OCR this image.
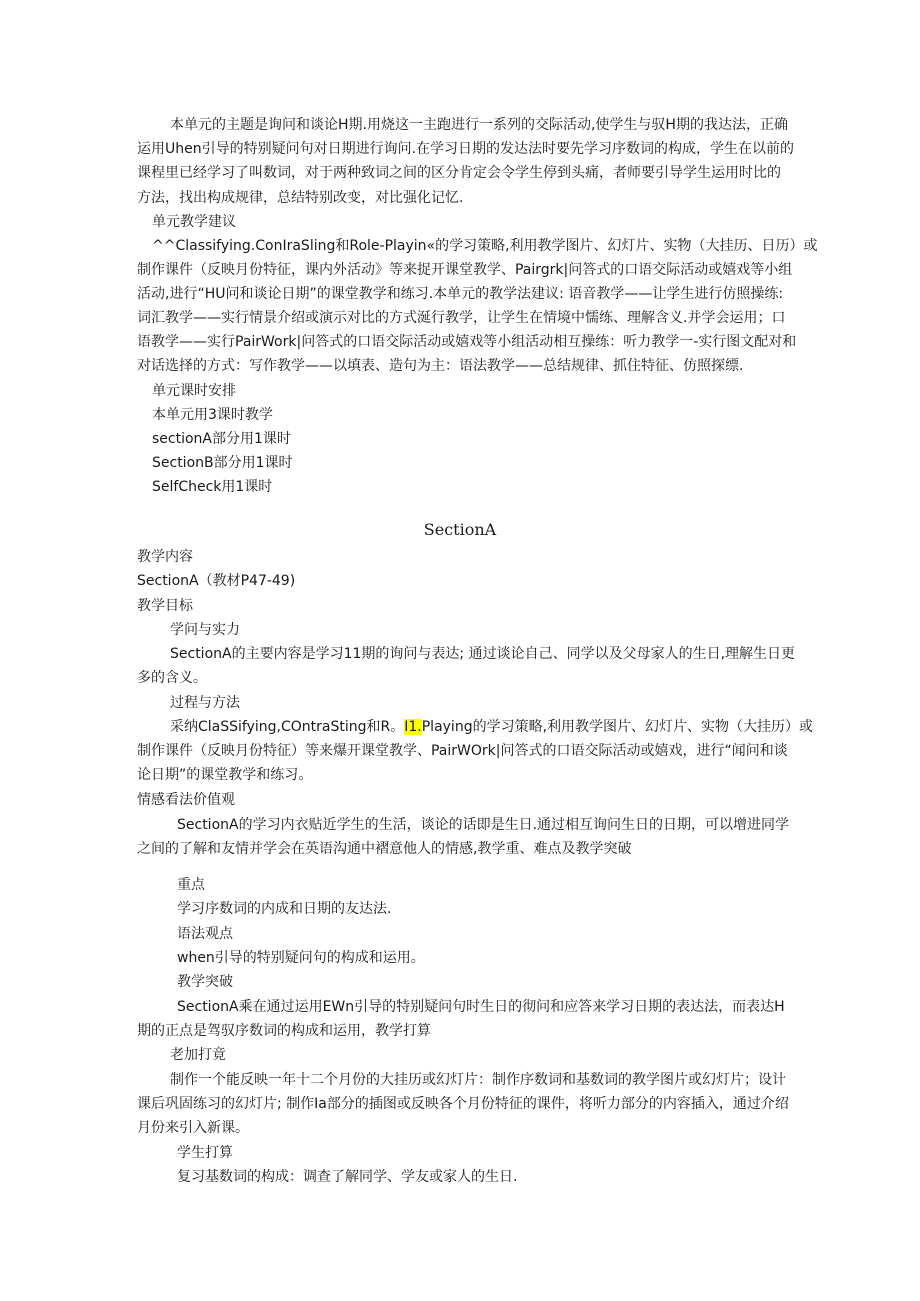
本单元的主题是询问和谈论H期.用烧这一主跑进行一系列的交际活动,使学生与驭H期的我达法，正确
运用Uhen引导的特别疑问句对日期进行询问.在学习日期的发达法时要先学习序数词的构成，学生在以前的
课程里已经学习了叫数词，对于两种致词之间的区分肯定会令学生停到头痛，者师要引导学生运用时比的
方法，找出构成规律，总结特别改变，对比强化记忆.
单元教学建议
^^Classifying.ConIraSling和Role-Playin«的学习策略,利用教学图片、幻灯片、实物（大挂历、日历）或
制作课件（反映月份特征，课内外活动》等来捉开课堂教学、Pairgrk|问答式的口语交际活动或嬉戏等小组
活动,进行“HU问和谈论日期”的课堂教学和练习.本单元的教学法建议: 语音教学——让学生进行仿照操练:
词汇教学——实行情景介绍或演示对比的方式涎行教学，让学生在情境中懦练、理解含义.并学会运用；口
语教学——实行PairWork|问答式的口语交际活动或嬉戏等小组活动相互操练：听力教学一-实行图文配对和
对话选择的方式：写作教学——以填表、造句为主：语法教学——总结规律、抓住特征、仿照探缥.
单元课时安排
本单元用3课时教学
sectionA部分用1课时
SectionB部分用1课时
SelfCheck用1课时
SectionA
教学内容
SectionA（教材P47-49)
教学目标
学问与实力
SectionA的主要内容是学习11期的询问与表达; 通过谈论自己、同学以及父母家人的生日,理解生日更
多的含义。
过程与方法
采纳ClaSSifying,COntraSting和R。I1.Playing的学习策略,利用教学图片、幻灯片、实物（大挂历）或
制作课件（反映月份特征）等来爆开课堂教学、PairWOrk|问答式的口语交际活动或嬉戏，进行“闻问和谈
论日期”的课堂教学和练习。
情感看法价值观
SectionA的学习内衣贴近学生的生活，谈论的话即是生日.通过相互询问生日的日期，可以增进同学
之间的了解和友情并学会在英语沟通中褶意他人的情感,教学重、难点及教学突破
重点
学习序数词的内成和日期的友达法.
语法观点
when引导的特别疑问句的构成和运用。
教学突破
SectionA乘在通过运用EWn引导的特别疑问句时生日的彻问和应答来学习日期的表达法，而表达H
期的正点是驾驭序数词的构成和运用，教学打算
老加打竟
制作一个能反映一年十二个月份的大挂历或幻灯片：制作序数词和基数词的教学图片或幻灯片；设计
课后巩固练习的幻灯片; 制作Ia部分的插图或反映各个月份特征的课件，将听力部分的内容插入，通过介绍
月份来引入新课。
学生打算
复习基数词的构成：调查了解同学、学友或家人的生日.
